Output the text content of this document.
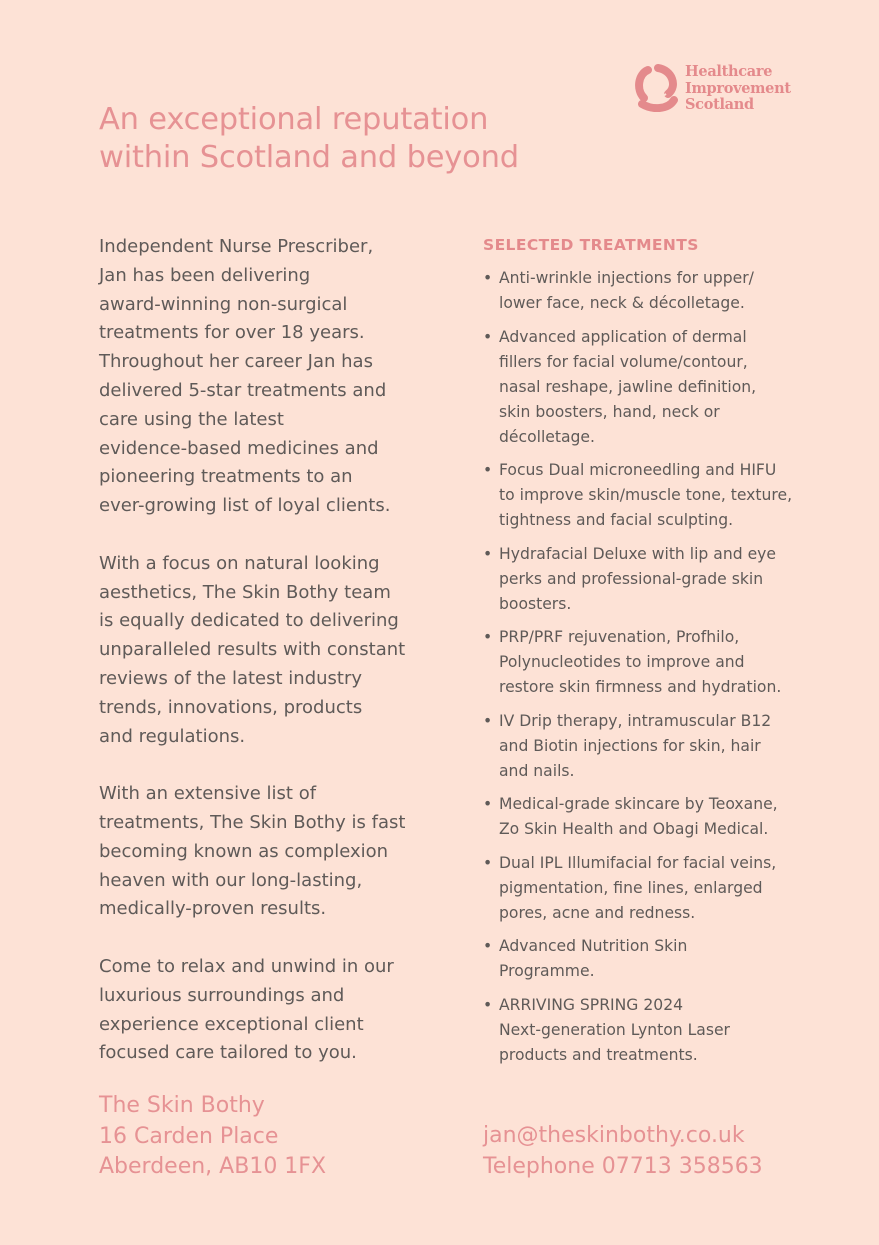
Healthcare
Improvement
Scotland
An exceptional reputation
within Scotland and beyond

Independent Nurse Prescriber,
Jan has been delivering
award-winning non-surgical
treatments for over 18 years.
Throughout her career Jan has
delivered 5-star treatments and
care using the latest
evidence-based medicines and
pioneering treatments to an
ever-growing list of loyal clients.

With a focus on natural looking
aesthetics, The Skin Bothy team
is equally dedicated to delivering
unparalleled results with constant
reviews of the latest industry
trends, innovations, products
and regulations.

With an extensive list of
treatments, The Skin Bothy is fast
becoming known as complexion
heaven with our long-lasting,
medically-proven results.

Come to relax and unwind in our
luxurious surroundings and
experience exceptional client
focused care tailored to you.

SELECTED TREATMENTS
• Anti-wrinkle injections for upper/
lower face, neck & décolletage.
• Advanced application of dermal
fillers for facial volume/contour,
nasal reshape, jawline definition,
skin boosters, hand, neck or
décolletage.
• Focus Dual microneedling and HIFU
to improve skin/muscle tone, texture,
tightness and facial sculpting.
• Hydrafacial Deluxe with lip and eye
perks and professional-grade skin
boosters.
• PRP/PRF rejuvenation, Profhilo,
Polynucleotides to improve and
restore skin firmness and hydration.
• IV Drip therapy, intramuscular B12
and Biotin injections for skin, hair
and nails.
• Medical-grade skincare by Teoxane,
Zo Skin Health and Obagi Medical.
• Dual IPL Illumifacial for facial veins,
pigmentation, fine lines, enlarged
pores, acne and redness.
• Advanced Nutrition Skin
Programme.
• ARRIVING SPRING 2024
Next-generation Lynton Laser
products and treatments.
The Skin Bothy
16 Carden Place
Aberdeen, AB10 1FX
jan@theskinbothy.co.uk
Telephone 07713 358563
